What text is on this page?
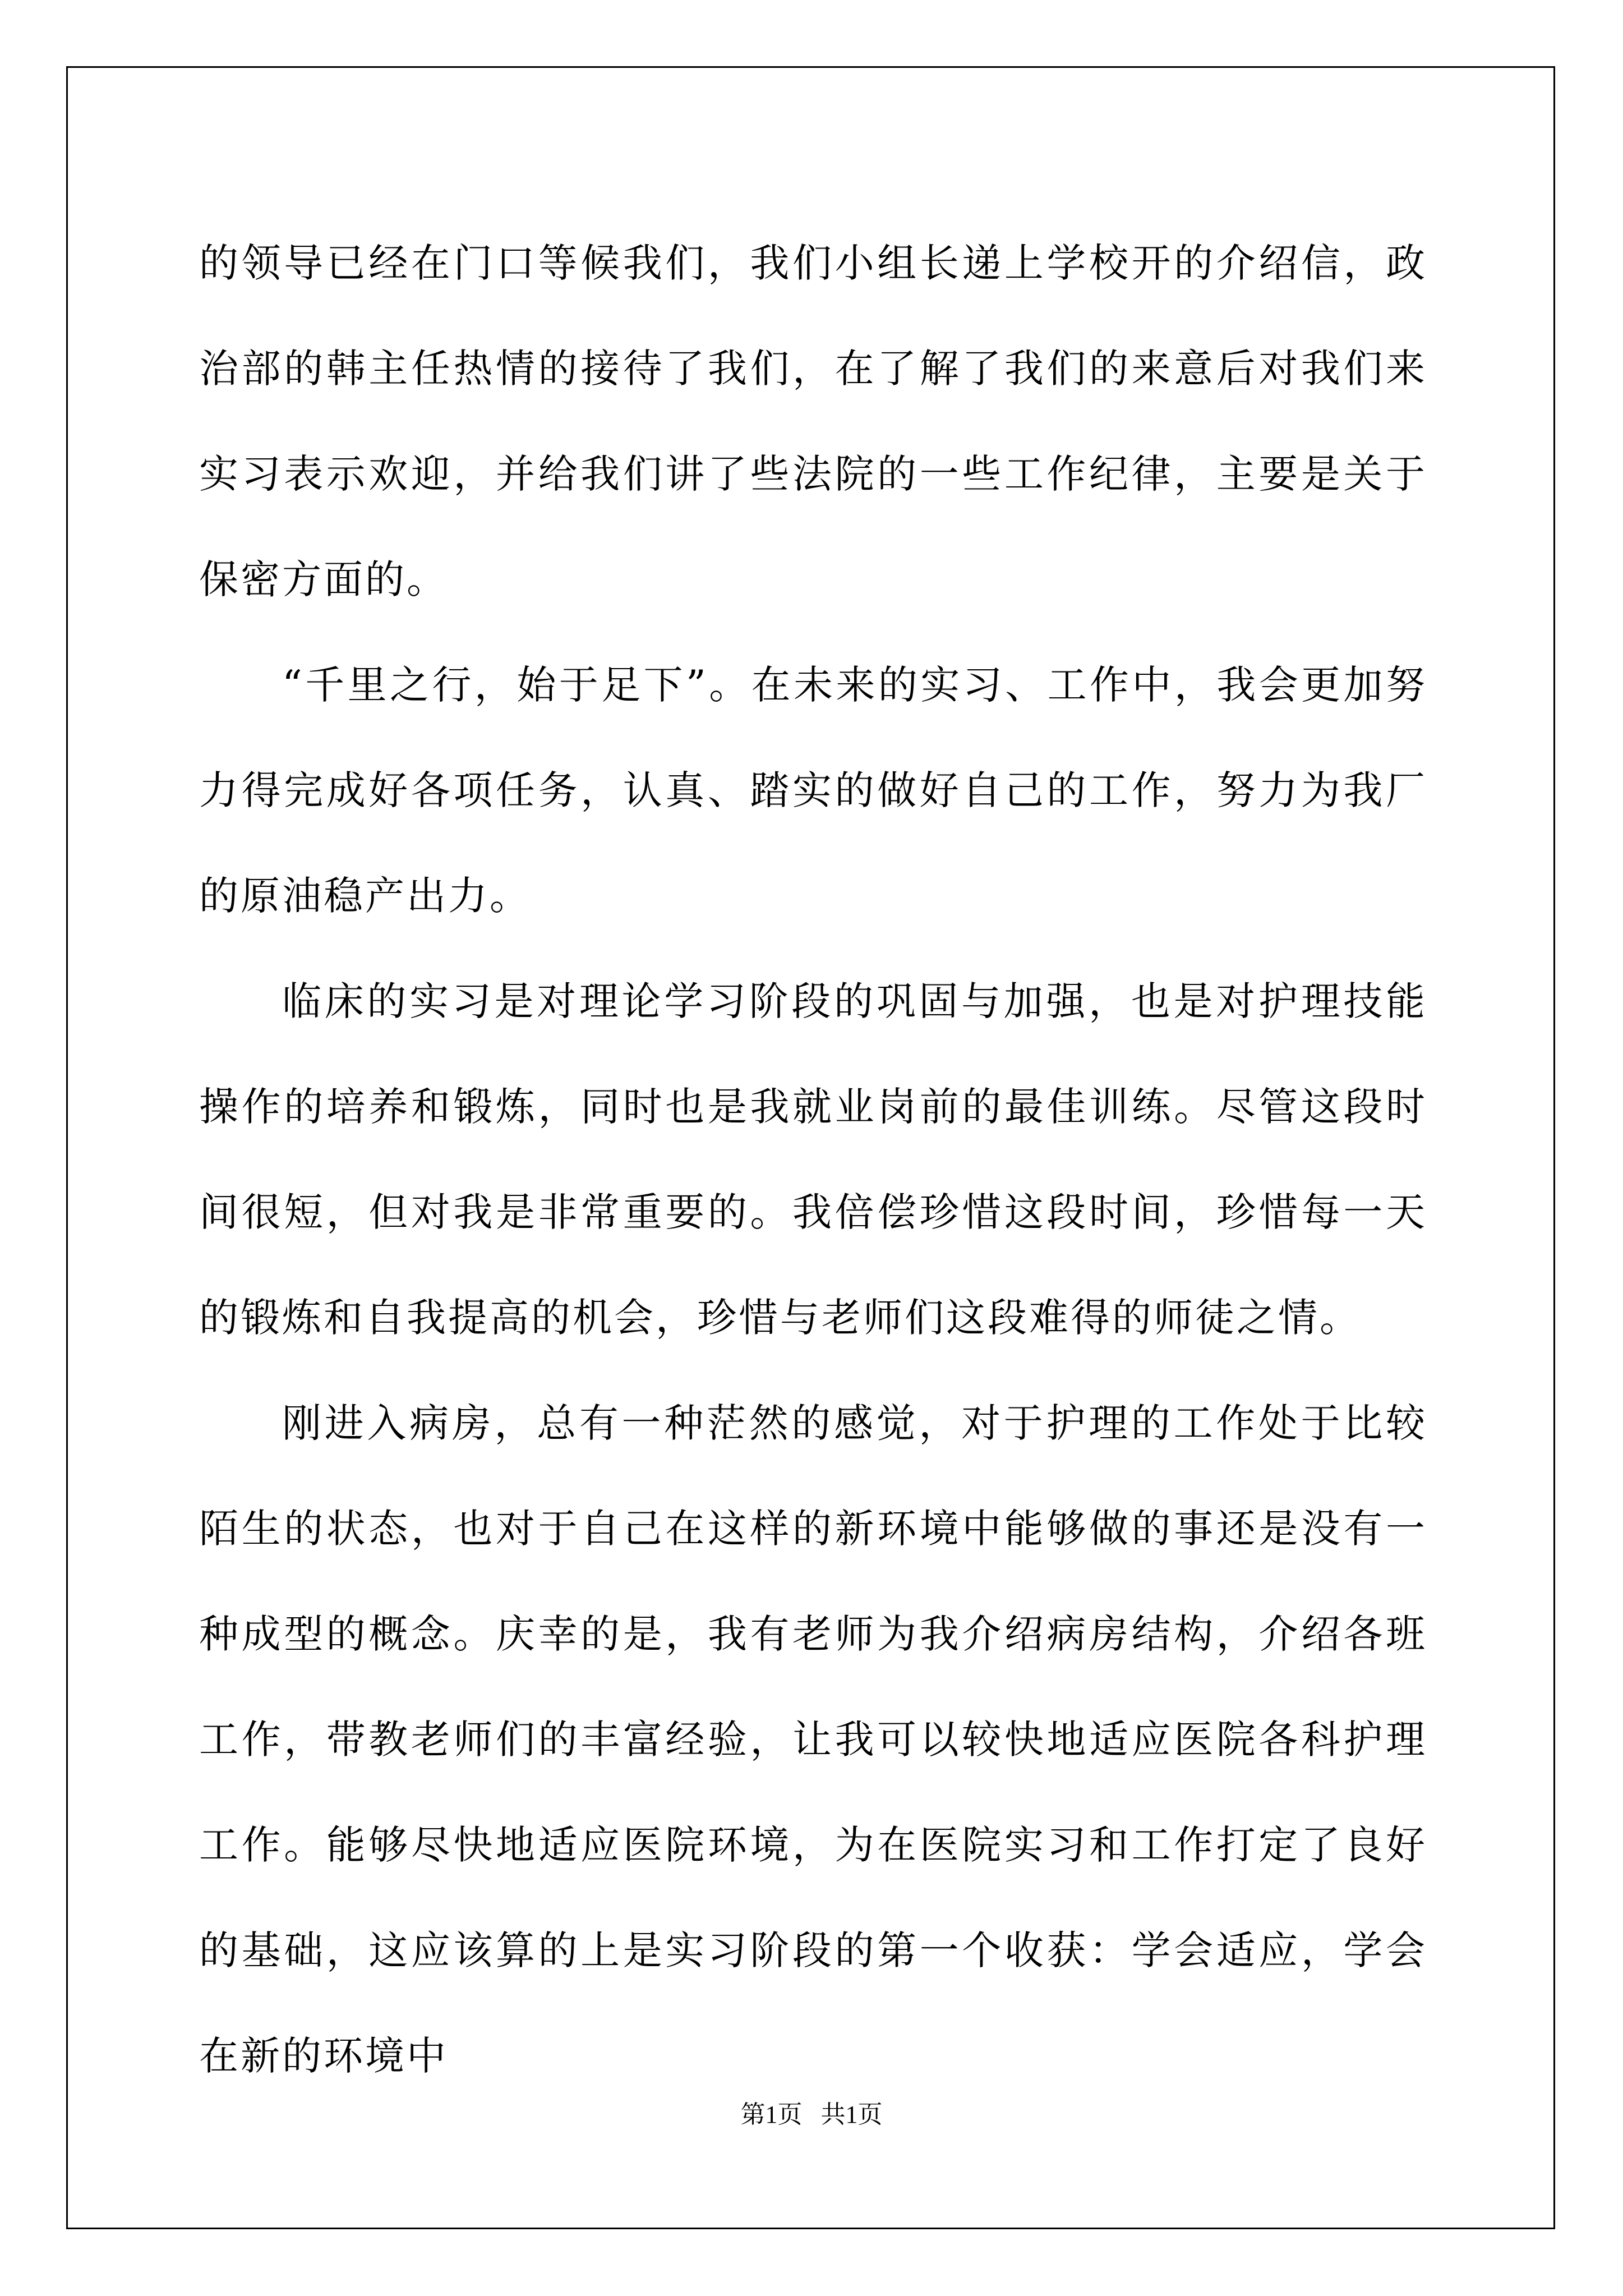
的领导已经在门口等候我们，我们小组长递上学校开的介绍信，政治部的韩主任热情的接待了我们，在了解了我们的来意后对我们来实习表示欢迎，并给我们讲了些法院的一些工作纪律，主要是关于保密方面的。

“千里之行，始于足下”。在未来的实习、工作中，我会更加努力得完成好各项任务，认真、踏实的做好自己的工作，努力为我厂的原油稳产出力。

临床的实习是对理论学习阶段的巩固与加强，也是对护理技能操作的培养和锻炼，同时也是我就业岗前的最佳训练。尽管这段时间很短，但对我是非常重要的。我倍偿珍惜这段时间，珍惜每一天的锻炼和自我提高的机会，珍惜与老师们这段难得的师徒之情。

刚进入病房，总有一种茫然的感觉，对于护理的工作处于比较陌生的状态，也对于自己在这样的新环境中能够做的事还是没有一种成型的概念。庆幸的是，我有老师为我介绍病房结构，介绍各班工作，带教老师们的丰富经验，让我可以较快地适应医院各科护理工作。能够尽快地适应医院环境，为在医院实习和工作打定了良好的基础，这应该算的上是实习阶段的第一个收获：学会适应，学会在新的环境中

第1页   共1页
